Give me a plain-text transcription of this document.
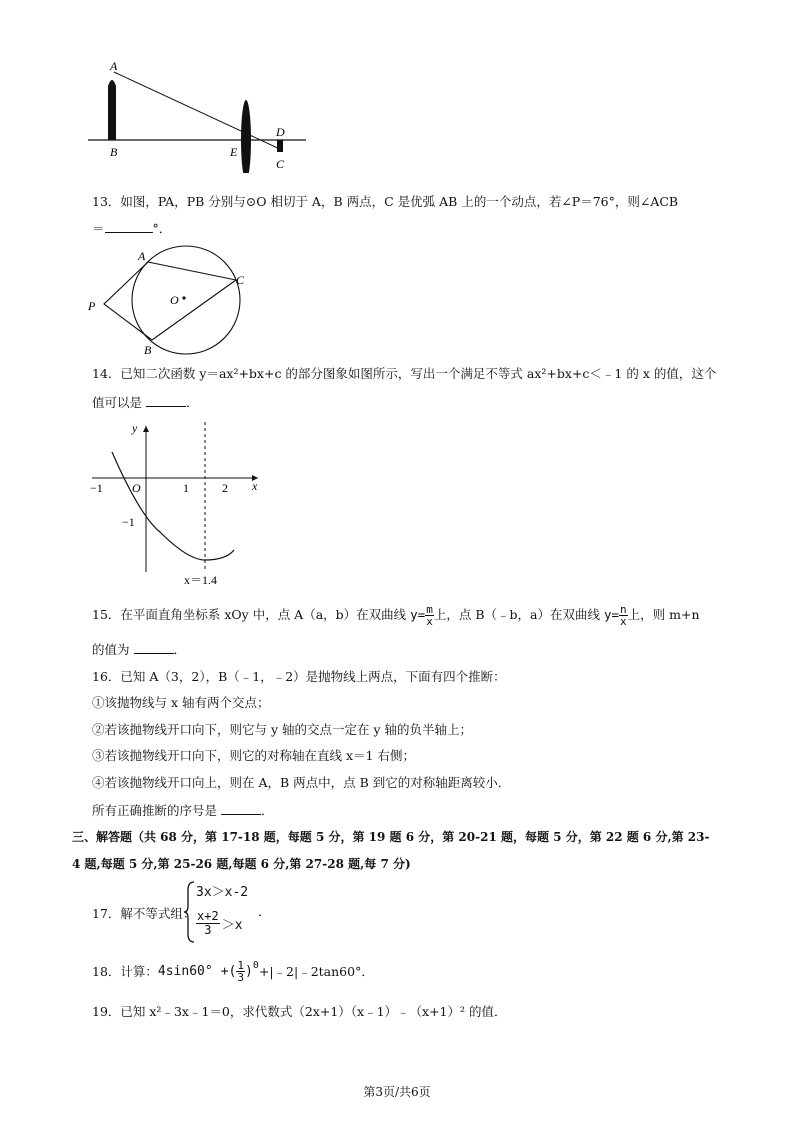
A
B	E
D
C
13．如图，PA，PB 分别与⊙O 相切于 A，B 两点，C 是优弧 AB 上的一个动点，若∠P＝76°，则∠ACB
＝	°．
A
B
C
P	O
14．已知二次函数 y＝ax²+bx+c 的部分图象如图所示，写出一个满足不等式 ax²+bx+c＜﹣1 的 x 的值，这个
值可以是	．
y
x
O
−1	1	2
−1
x＝1.4
15．在平面直角坐标系 xOy 中，点 A（a，b）在双曲线 $y= \frac{m}{x}$ 上，点 B（﹣b，a）在双曲线 $y= \frac{n}{x}$ 上，则 m+n
的值为	．
16．已知 A（3，2），B（﹣1，﹣2）是抛物线上两点，下面有四个推断：
①该抛物线与 x 轴有两个交点；
②若该抛物线开口向下，则它与 y 轴的交点一定在 y 轴的负半轴上；
③若该抛物线开口向下，则它的对称轴在直线 x＝1 右侧；
④若该抛物线开口向上，则在 A，B 两点中，点 B 到它的对称轴距离较小．
所有正确推断的序号是	．
三、解答题（共 68 分，第 17-18 题，每题 5 分，第 19 题 6 分，第 20-21 题，每题 5 分，第 22 题 6 分,第 23-
4 题,每题 5 分,第 25-26 题,每题 6 分,第 27-28 题,每 7 分)
17．解不等式组：
3x＞x-2
$\frac{x+2}{3} >x$
．
18．计算： 4sin60° +( $\frac{1}{3} )^0$ +|﹣2|﹣2tan60°．
19．已知 x²﹣3x﹣1＝0，求代数式（2x+1）（x﹣1）﹣（x+1）² 的值．
第3页/共6页
